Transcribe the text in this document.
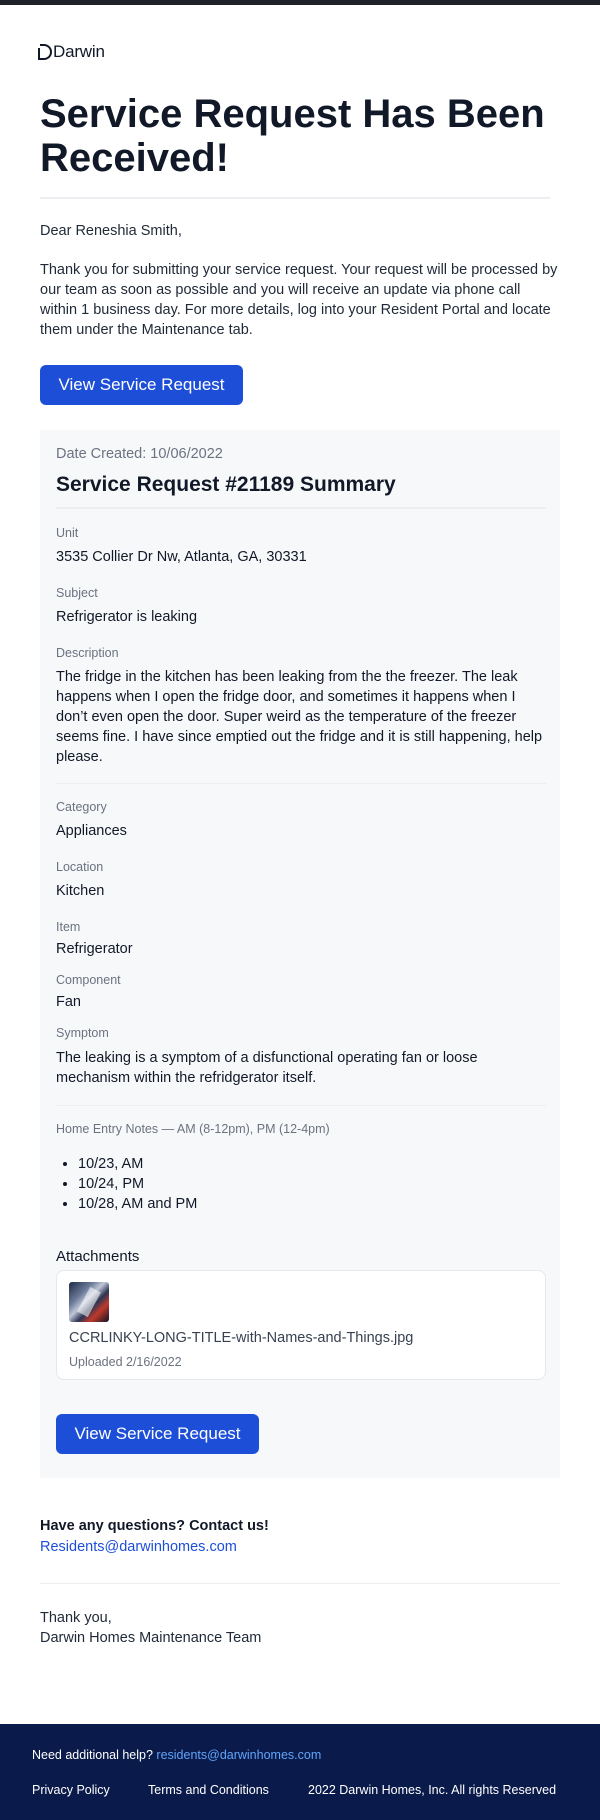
Darwin
Service Request Has Been Received!

Dear Reneshia Smith,

Thank you for submitting your service request. Your request will be processed by our team as soon as possible and you will receive an update via phone call within 1 business day. For more details, log into your Resident Portal and locate them under the Maintenance tab.

View Service Request
Date Created: 10/06/2022
Service Request #21189 Summary
Unit
3535 Collier Dr Nw, Atlanta, GA, 30331
Subject
Refrigerator is leaking
Description
The fridge in the kitchen has been leaking from the the freezer. The leak happens when I open the fridge door, and sometimes it happens when I don’t even open the door. Super weird as the temperature of the freezer seems fine. I have since emptied out the fridge and it is still happening, help please.
Category
Appliances
Location
Kitchen
Item
Refrigerator
Component
Fan
Symptom
The leaking is a symptom of a disfunctional operating fan or loose mechanism within the refridgerator itself.
Home Entry Notes — AM (8-12pm), PM (12-4pm)
• 10/23, AM
• 10/24, PM
• 10/28, AM and PM
Attachments
CCRLINKY-LONG-TITLE-with-Names-and-Things.jpg
Uploaded 2/16/2022
View Service Request

Have any questions? Contact us!

Residents@darwinhomes.com
Thank you,
Darwin Homes Maintenance Team
Need additional help? residents@darwinhomes.com
Privacy Policy	Terms and Conditions	2022 Darwin Homes, Inc. All rights Reserved
